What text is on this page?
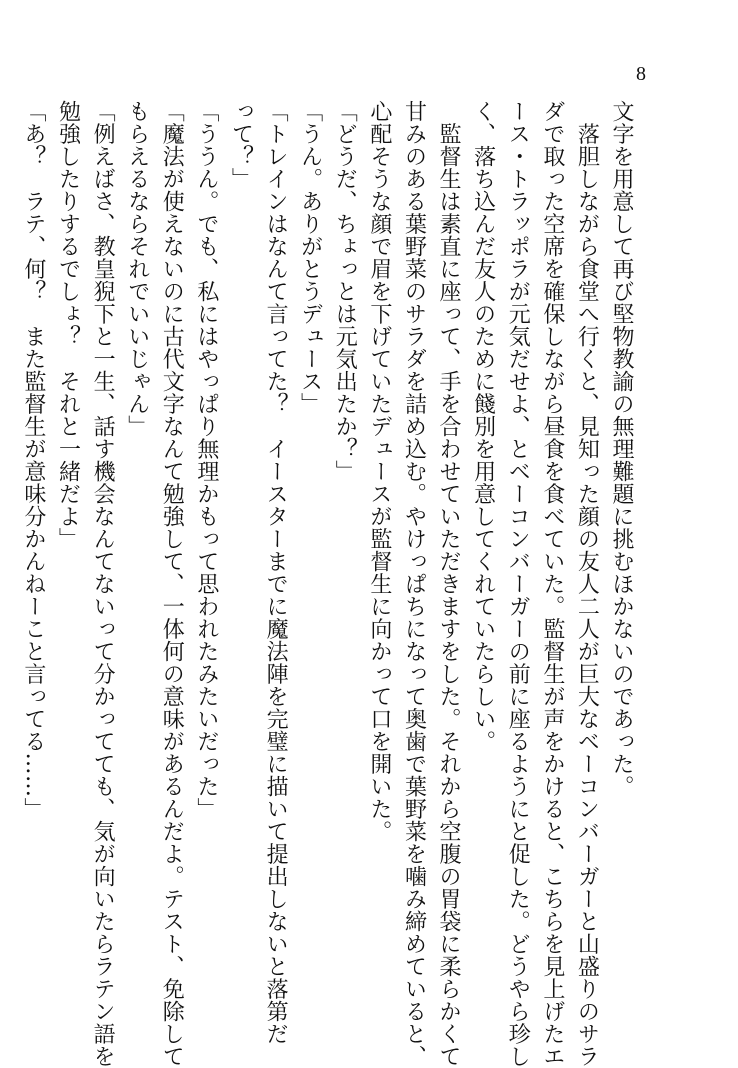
8

文字を用意して再び堅物教諭の無理難題に挑むほかないのであった。

　落胆しながら食堂へ行くと、見知った顔の友人二人が巨大なベーコンバーガーと山盛りのサラ

ダで取った空席を確保しながら昼食を食べていた。監督生が声をかけると、こちらを見上げたエ

ース・トラッポラが元気だせよ、とベーコンバーガーの前に座るようにと促した。どうやら珍し

く、落ち込んだ友人のために餞別を用意してくれていたらしい。

　監督生は素直に座って、手を合わせていただきますをした。それから空腹の胃袋に柔らかくて

甘みのある葉野菜のサラダを詰め込む。やけっぱちになって奥歯で葉野菜を噛み締めていると、

心配そうな顔で眉を下げていたデュースが監督生に向かって口を開いた。

「どうだ、ちょっとは元気出たか？」

「うん。ありがとうデュース」

「トレインはなんて言ってた？　イースターまでに魔法陣を完璧に描いて提出しないと落第だ

って？」

「ううん。でも、私にはやっぱり無理かもって思われたみたいだった」

「魔法が使えないのに古代文字なんて勉強して、一体何の意味があるんだよ。テスト、免除して

もらえるならそれでいいじゃん」

「例えばさ、教皇猊下と一生、話す機会なんてないって分かってても、気が向いたらラテン語を

勉強したりするでしょ？　それと一緒だよ」

「あ？　ラテ、何？　また監督生が意味分かんねーこと言ってる……」
